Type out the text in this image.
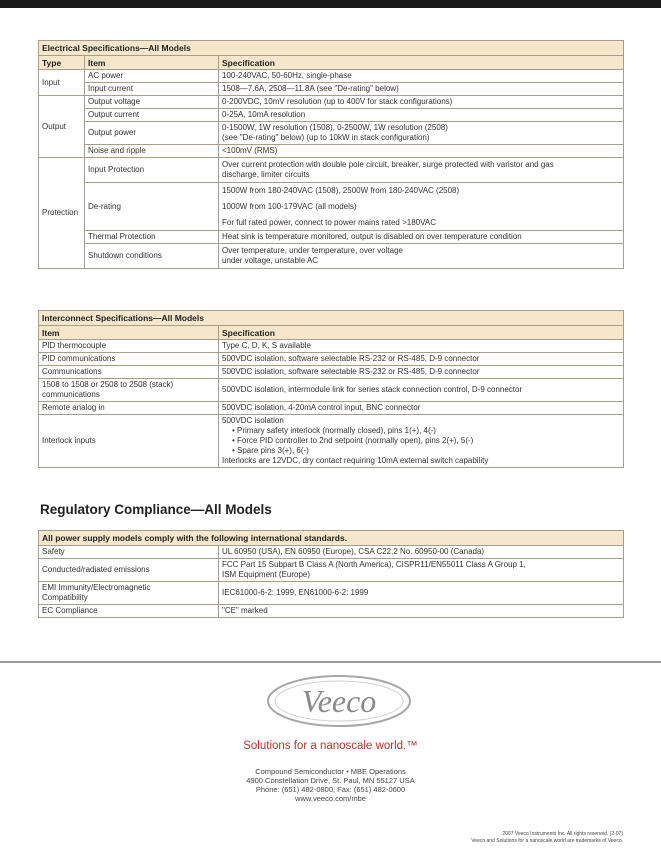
Electrical Specifications—All Models		
Type	Item	Specification
Input	AC power	100-240VAC, 50-60Hz, single-phase
	Input current	1508—7.6A, 2508—11.8A (see "De-rating" below)
Output	Output voltage	0-200VDC, 10mV resolution (up to 400V for stack configurations)
	Output current	0-25A, 10mA resolution
	Output power	0-1500W, 1W resolution (1508), 0-2500W, 1W resolution (2508)
(see "De-rating" below) (up to 10kW in stack configuration)

	Noise and ripple	<100mV (RMS)
Protection	Input Protection	Over current protection with double pole circuit, breaker, surge protected with varistor and gas
discharge, limiter circuits

	De-rating	1500W from 180-240VAC (1508), 2500W from 180-240VAC (2508)
1000W from 100-179VAC (all models)
For full rated power, connect to power mains rated >180VAC

	Thermal Protection	Heat sink is temperature monitored, output is disabled on over temperature condition
	Shutdown conditions	Over temperature, under temperature, over voltage
under voltage, unstable AC
Interconnect Specifications—All Models	
Item	Specification
PID thermocouple	Type C, D, K, S available
PID communications	500VDC isolation, software selectable RS-232 or RS-485, D-9 connector
Communications	500VDC isolation, software selectable RS-232 or RS-485, D-9 connector

1508 to 1508 or 2508 to 2508 (stack)
communications	500VDC isolation, intermodule link for series stack connection control, D-9 connector
Remote analog in	500VDC isolation, 4-20mA control input, BNC connector
Interlock inputs	500VDC isolation
• Primary safety interlock (normally closed), pins 1(+), 4(-)
• Force PID controller to 2nd setpoint (normally open), pins 2(+), 5(-)
• Spare pins 3(+), 6(-)
Interlocks are 12VDC, dry contact requiring 10mA external switch capability
Regulatory Compliance—All Models
All power supply models comply with the following international standards.	
Safety	UL 60950 (USA), EN 60950 (Europe), CSA C22.2 No. 60950-00 (Canada)
Conducted/radiated emissions	FCC Part 15 Subpart B Class A (North America), CISPR11/EN55011 Class A Group 1,
ISM Equipment (Europe)

EMI Immunity/Electromagnetic
Compatibility	IEC61000-6-2: 1999, EN61000-6-2: 1999
EC Compliance	"CE" marked
Veeco
Solutions for a nanoscale world.™
Compound Semiconductor • MBE Operations
4900 Constellation Drive, St. Paul, MN 55127 USA
Phone: (651) 482-0800, Fax: (651) 482-0600
www.veeco.com/mbe
2007 Veeco Instruments Inc. All rights reserved. (2-07)
Veeco and Solutions for a nanoscale world are trademarks of Veeco.
